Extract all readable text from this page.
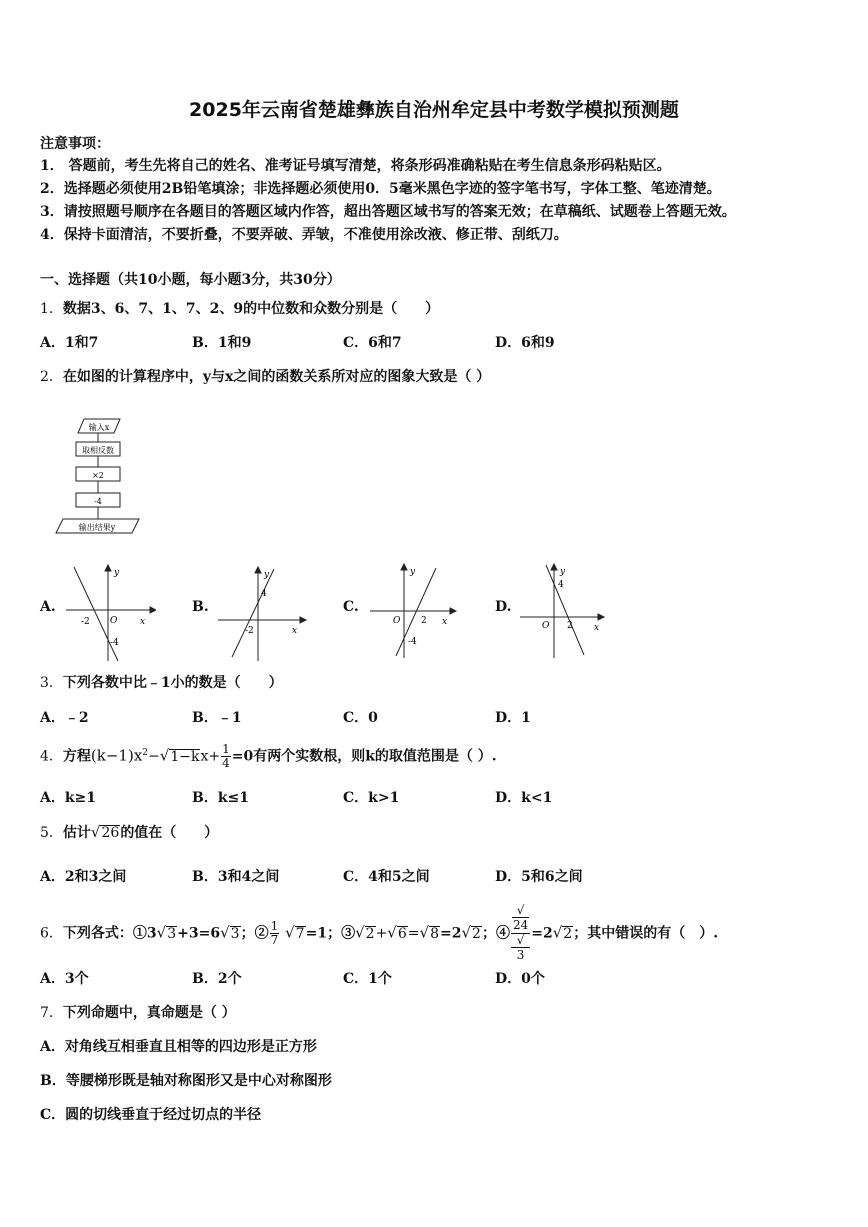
2025年云南省楚雄彝族自治州牟定县中考数学模拟预测题
注意事项：
1． 答题前，考生先将自己的姓名、准考证号填写清楚，将条形码准确粘贴在考生信息条形码粘贴区。
2．选择题必须使用2B铅笔填涂；非选择题必须使用0．5毫米黑色字迹的签字笔书写，字体工整、笔迹清楚。
3．请按照题号顺序在各题目的答题区域内作答，超出答题区域书写的答案无效；在草稿纸、试题卷上答题无效。
4．保持卡面清洁，不要折叠，不要弄破、弄皱，不准使用涂改液、修正带、刮纸刀。
一、选择题（共10小题，每小题3分，共30分）
1．数据3、6、7、1、7、2、9的中位数和众数分别是（　　）
A．1和7	B．1和9	C．6和7	D．6和9
2．在如图的计算程序中，y与x之间的函数关系所对应的图象大致是（ ）
输入x
取相反数
×2
-4
输出结果y
A.
y
x
O
-2
-4
B.
y
x
4
-2
C.
y
x
O 2
-4
D.
y
x
O
4
2
3．下列各数中比﹣1小的数是（　　）
A．﹣2	B．﹣1	C．0	D．1
4．方程$(k-1)x^2-√1-kx+ \frac{1}{4} =0$有两个实数根，则k的取值范围是（ ）.
A．k≥1	B．k≤1	C．k>1	D．k<1
5．估计√26的值在（　　）
A．2和3之间	B．3和4之间	C．4和5之间	D．5和6之间
6．下列各式：①3√3+3=6√3；② $\frac{1}{7} √7=1$；③√2+√6=√8=2√2；④ √
24
√
3 =2√2；其中错误的有（　）.
A．3个	B．2个	C．1个	D．0个
7．下列命题中，真命题是（ ）
A．对角线互相垂直且相等的四边形是正方形
B．等腰梯形既是轴对称图形又是中心对称图形
C．圆的切线垂直于经过切点的半径
